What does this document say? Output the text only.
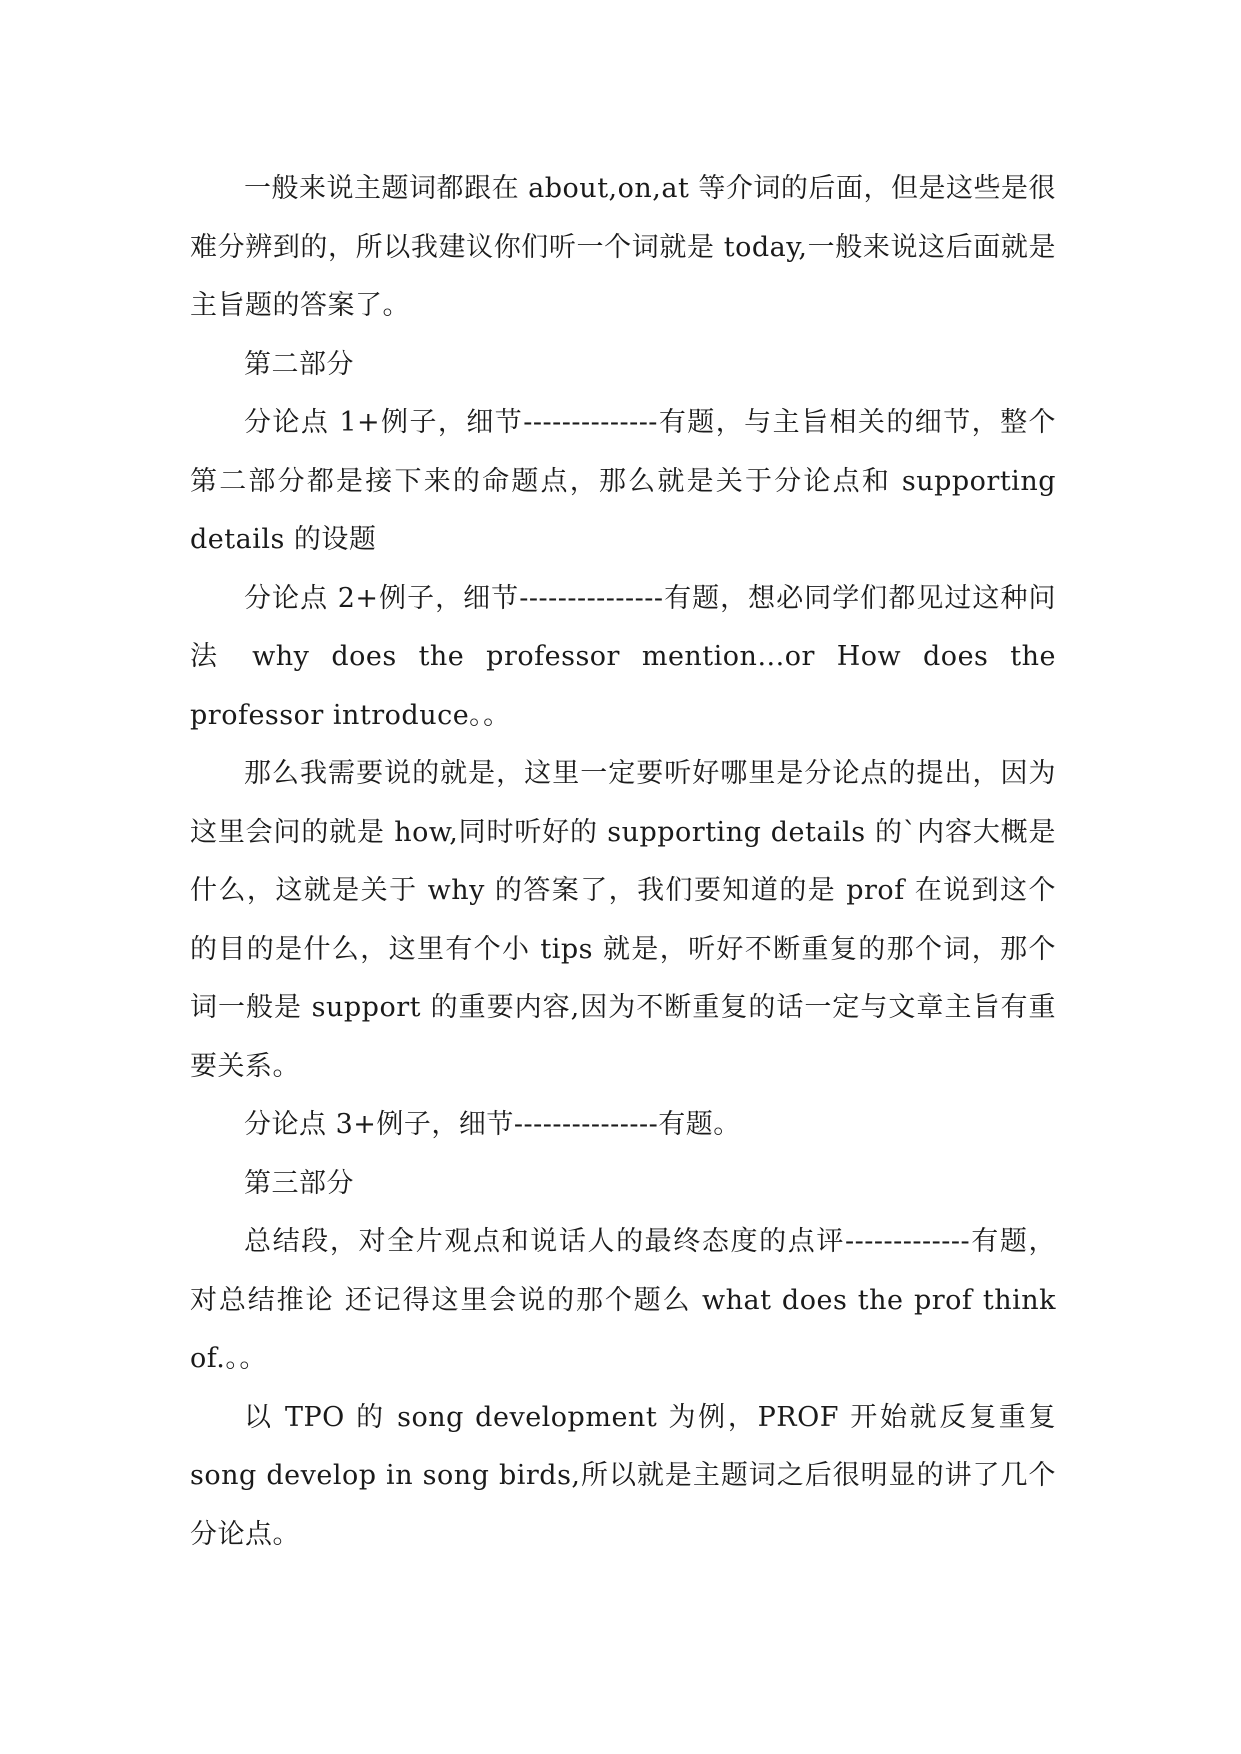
一般来说主题词都跟在 about,on,at 等介词的后面，但是这些是很难分辨到的，所以我建议你们听一个词就是 today,一般来说这后面就是主旨题的答案了。

第二部分

分论点 1+例子，细节--------------有题，与主旨相关的细节，整个第二部分都是接下来的命题点，那么就是关于分论点和 supporting details 的设题

分论点 2+例子，细节---------------有题，想必同学们都见过这种问法 why does the professor mention...or How does the professor introduce。。

那么我需要说的就是，这里一定要听好哪里是分论点的提出，因为这里会问的就是 how,同时听好的 supporting details 的`内容大概是什么，这就是关于 why 的答案了，我们要知道的是 prof 在说到这个的目的是什么，这里有个小 tips 就是，听好不断重复的那个词，那个词一般是 support 的重要内容,因为不断重复的话一定与文章主旨有重要关系。

分论点 3+例子，细节---------------有题。

第三部分

总结段，对全片观点和说话人的最终态度的点评-------------有题，对总结推论 还记得这里会说的那个题么 what does the prof think of.。。

以 TPO 的 song development 为例，PROF 开始就反复重复 song develop in song birds,所以就是主题词之后很明显的讲了几个分论点。
